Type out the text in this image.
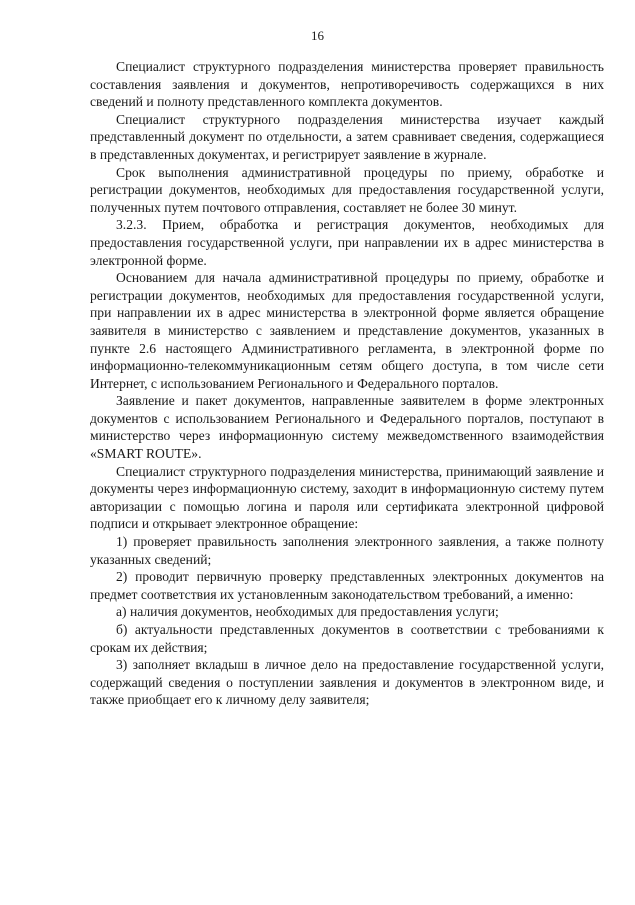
16

Специалист структурного подразделения министерства проверяет правильность составления заявления и документов, непротиворечивость содержащихся в них сведений и полноту представленного комплекта документов.

Специалист структурного подразделения министерства изучает каждый представленный документ по отдельности, а затем сравнивает сведения, содержащиеся в представленных документах, и регистрирует заявление в журнале.

Срок выполнения административной процедуры по приему, обработке и регистрации документов, необходимых для предоставления государственной услуги, полученных путем почтового отправления, составляет не более 30 минут.

3.2.3. Прием, обработка и регистрация документов, необходимых для предоставления государственной услуги, при направлении их в адрес министерства в электронной форме.

Основанием для начала административной процедуры по приему, обработке и регистрации документов, необходимых для предоставления государственной услуги, при направлении их в адрес министерства в электронной форме является обращение заявителя в министерство с заявлением и представление документов, указанных в пункте 2.6 настоящего Административного регламента, в электронной форме по информационно-телекоммуникационным сетям общего доступа, в том числе сети Интернет, с использованием Регионального и Федерального порталов.

Заявление и пакет документов, направленные заявителем в форме электронных документов с использованием Регионального и Федерального порталов, поступают в министерство через информационную систему межведомственного взаимодействия «SMART ROUTE».

Специалист структурного подразделения министерства, принимающий заявление и документы через информационную систему, заходит в информационную систему путем авторизации с помощью логина и пароля или сертификата электронной цифровой подписи и открывает электронное обращение:

1) проверяет правильность заполнения электронного заявления, а также полноту указанных сведений;

2) проводит первичную проверку представленных электронных документов на предмет соответствия их установленным законодательством требований, а именно:

а) наличия документов, необходимых для предоставления услуги;

б) актуальности представленных документов в соответствии с требованиями к срокам их действия;

3) заполняет вкладыш в личное дело на предоставление государственной услуги, содержащий сведения о поступлении заявления и документов в электронном виде, и также приобщает его к личному делу заявителя;
